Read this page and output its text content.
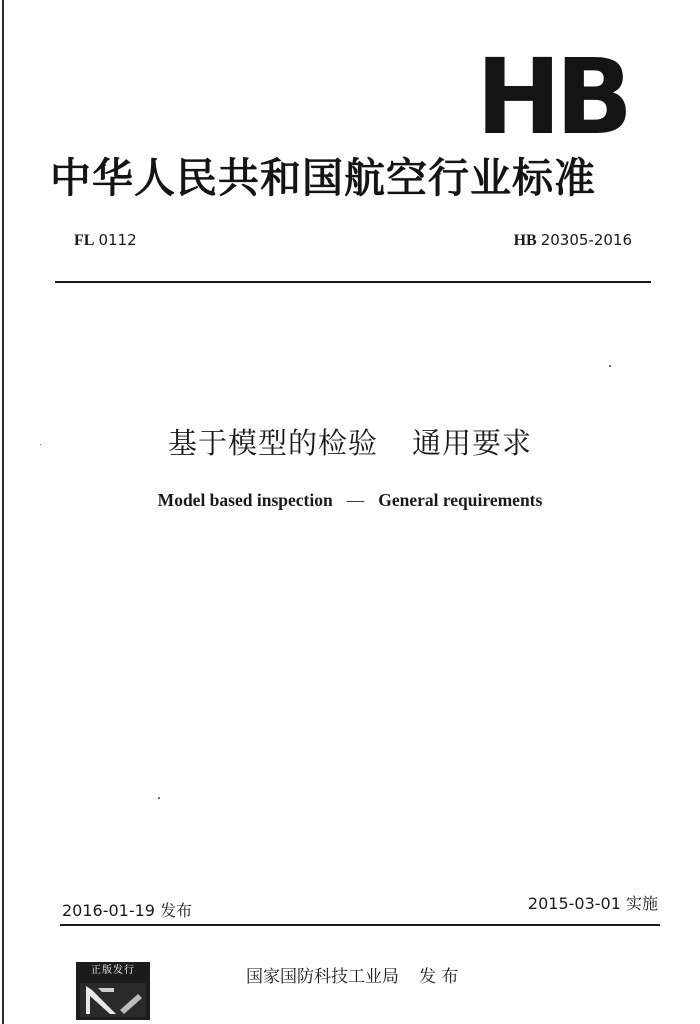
HB
中华人民共和国航空行业标准
FL 0112	HB 20305-2016
基于模型的检验 通用要求
Model based inspection — General requirements
2016-01-19 发布	2015-03-01 实施
正版发行	国家国防科技工业局 发 布
